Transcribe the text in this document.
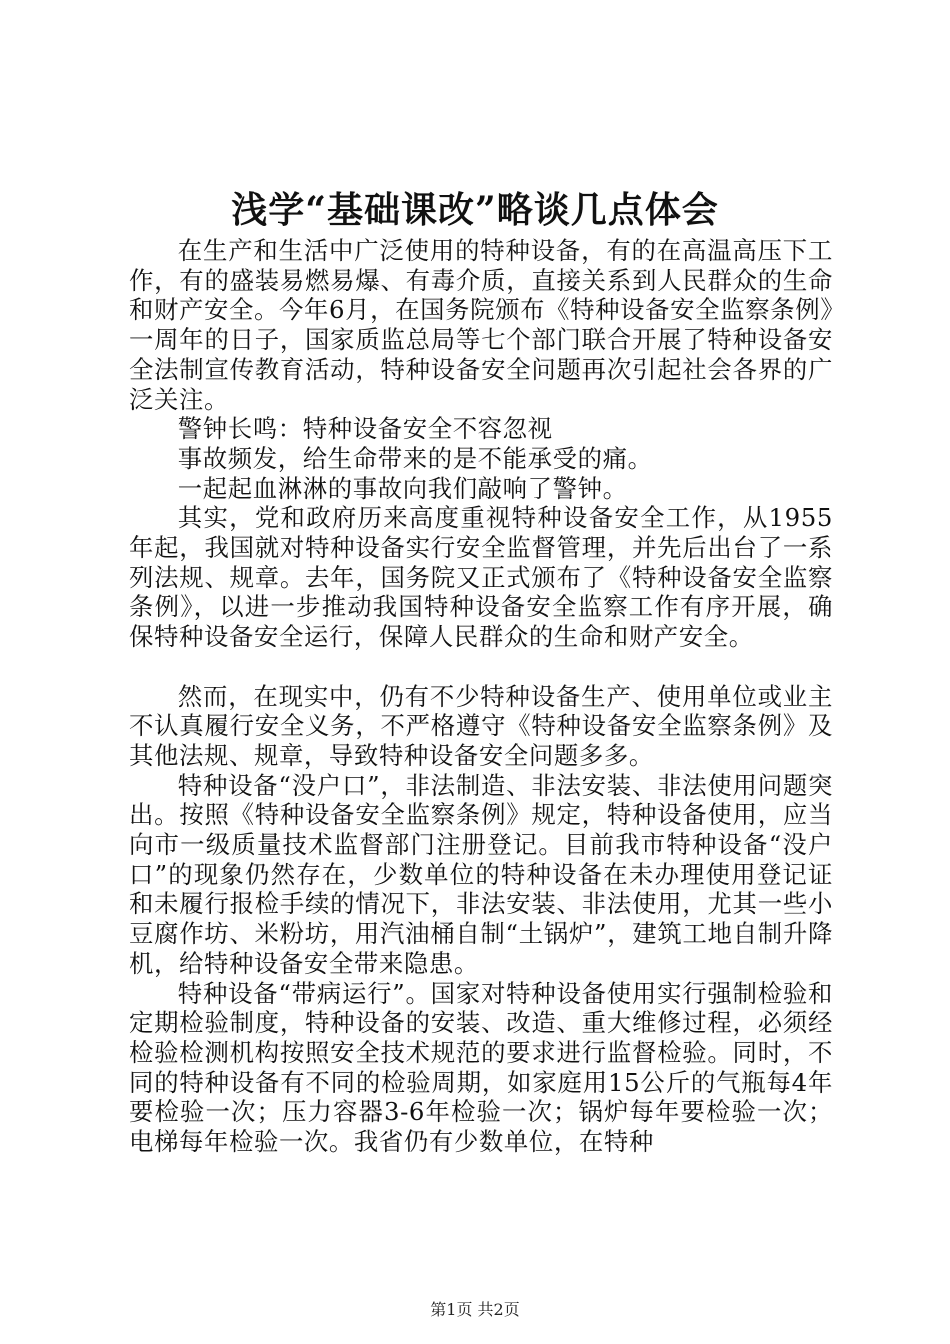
浅学“基础课改”略谈几点体会

在生产和生活中广泛使用的特种设备，有的在高温高压下工作，有的盛装易燃易爆、有毒介质，直接关系到人民群众的生命和财产安全。今年6月，在国务院颁布《特种设备安全监察条例》一周年的日子，国家质监总局等七个部门联合开展了特种设备安全法制宣传教育活动，特种设备安全问题再次引起社会各界的广泛关注。

警钟长鸣：特种设备安全不容忽视

事故频发，给生命带来的是不能承受的痛。

一起起血淋淋的事故向我们敲响了警钟。

其实，党和政府历来高度重视特种设备安全工作，从1955年起，我国就对特种设备实行安全监督管理，并先后出台了一系列法规、规章。去年，国务院又正式颁布了《特种设备安全监察条例》，以进一步推动我国特种设备安全监察工作有序开展，确保特种设备安全运行，保障人民群众的生命和财产安全。

然而，在现实中，仍有不少特种设备生产、使用单位或业主不认真履行安全义务，不严格遵守《特种设备安全监察条例》及其他法规、规章，导致特种设备安全问题多多。

特种设备“没户口”，非法制造、非法安装、非法使用问题突出。按照《特种设备安全监察条例》规定，特种设备使用，应当向市一级质量技术监督部门注册登记。目前我市特种设备“没户口”的现象仍然存在，少数单位的特种设备在未办理使用登记证和未履行报检手续的情况下，非法安装、非法使用，尤其一些小豆腐作坊、米粉坊，用汽油桶自制“土锅炉”，建筑工地自制升降机，给特种设备安全带来隐患。

特种设备“带病运行”。国家对特种设备使用实行强制检验和定期检验制度，特种设备的安装、改造、重大维修过程，必须经检验检测机构按照安全技术规范的要求进行监督检验。同时，不同的特种设备有不同的检验周期，如家庭用15公斤的气瓶每4年要检验一次；压力容器3-6年检验一次；锅炉每年要检验一次；电梯每年检验一次。我省仍有少数单位，在特种

第1页 共2页
